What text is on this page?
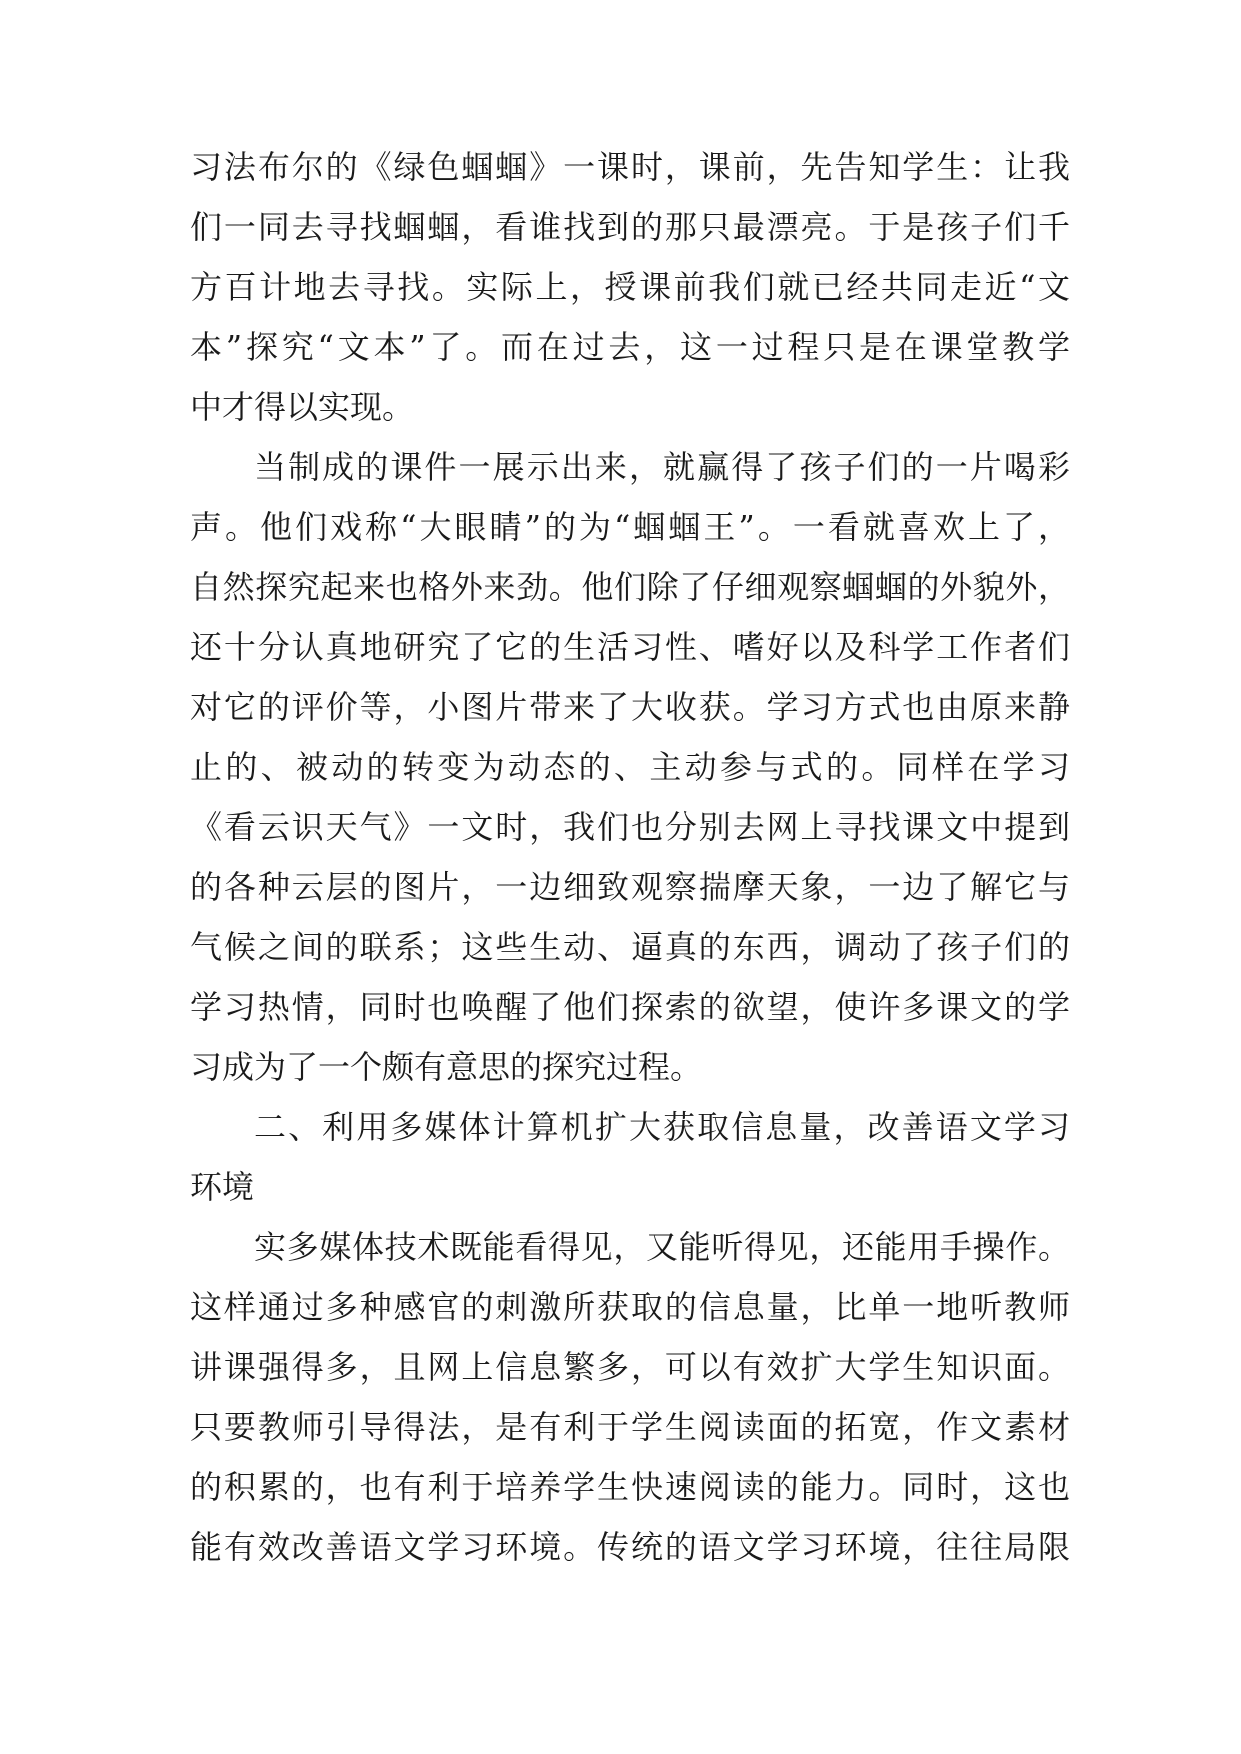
习法布尔的《绿色蝈蝈》一课时，课前，先告知学生：让我
们一同去寻找蝈蝈，看谁找到的那只最漂亮。于是孩子们千
方百计地去寻找。实际上，授课前我们就已经共同走近“文
本”探究“文本”了。而在过去，这一过程只是在课堂教学
中才得以实现。
当制成的课件一展示出来，就赢得了孩子们的一片喝彩
声。他们戏称“大眼睛”的为“蝈蝈王”。一看就喜欢上了，
自然探究起来也格外来劲。他们除了仔细观察蝈蝈的外貌外，
还十分认真地研究了它的生活习性、嗜好以及科学工作者们
对它的评价等，小图片带来了大收获。学习方式也由原来静
止的、被动的转变为动态的、主动参与式的。同样在学习
《看云识天气》一文时，我们也分别去网上寻找课文中提到
的各种云层的图片，一边细致观察揣摩天象，一边了解它与
气候之间的联系；这些生动、逼真的东西，调动了孩子们的
学习热情，同时也唤醒了他们探索的欲望，使许多课文的学
习成为了一个颇有意思的探究过程。
二、利用多媒体计算机扩大获取信息量，改善语文学习
环境
实多媒体技术既能看得见，又能听得见，还能用手操作。
这样通过多种感官的刺激所获取的信息量，比单一地听教师
讲课强得多，且网上信息繁多，可以有效扩大学生知识面。
只要教师引导得法，是有利于学生阅读面的拓宽，作文素材
的积累的，也有利于培养学生快速阅读的能力。同时，这也
能有效改善语文学习环境。传统的语文学习环境，往往局限
